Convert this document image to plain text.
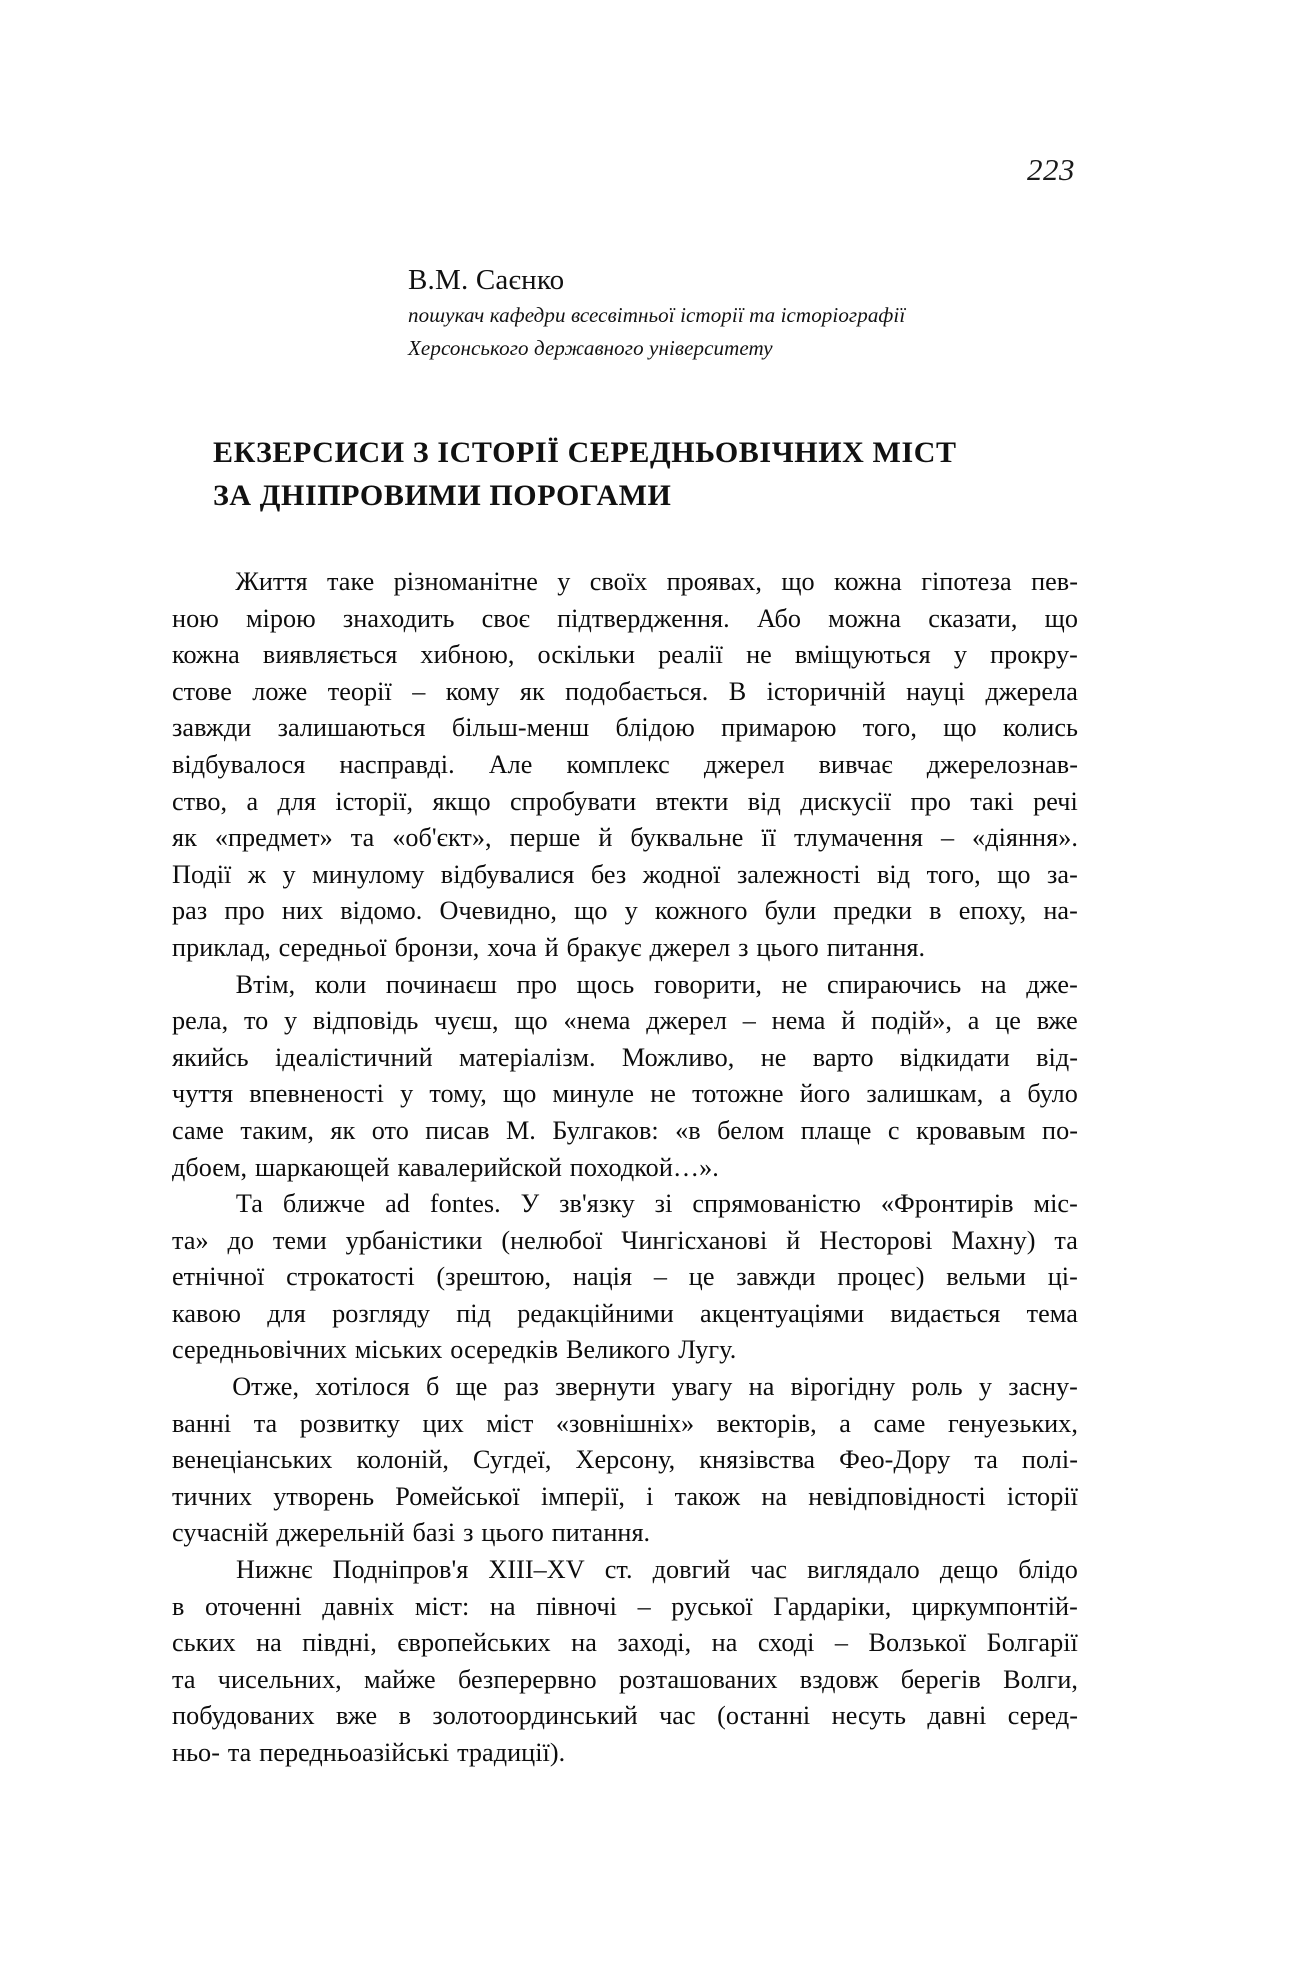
223
В.М. Саєнко
пошукач кафедри всесвітньої історії та історіографії
Херсонського державного університету
ЕКЗЕРСИСИ З ІСТОРІЇ СЕРЕДНЬОВІЧНИХ МІСТ
ЗА ДНІПРОВИМИ ПОРОГАМИ
Життя таке різноманітне у своїх проявах, що кожна гіпотеза пев-
ною мірою знаходить своє підтвердження. Або можна сказати, що
кожна виявляється хибною, оскільки реалії не вміщуються у прокру-
стове ложе теорії – кому як подобається. В історичній науці джерела
завжди залишаються більш-менш блідою примарою того, що колись
відбувалося насправді. Але комплекс джерел вивчає джерелознав-
ство, а для історії, якщо спробувати втекти від дискусії про такі речі
як «предмет» та «об'єкт», перше й буквальне її тлумачення – «діяння».
Події ж у минулому відбувалися без жодної залежності від того, що за-
раз про них відомо. Очевидно, що у кожного були предки в епоху, на-
приклад, середньої бронзи, хоча й бракує джерел з цього питання.
Втім, коли починаєш про щось говорити, не спираючись на дже-
рела, то у відповідь чуєш, що «нема джерел – нема й подій», а це вже
якийсь ідеалістичний матеріалізм. Можливо, не варто відкидати від-
чуття впевненості у тому, що минуле не тотожне його залишкам, а було
саме таким, як ото писав М. Булгаков: «в белом плаще с кровавым по-
дбоем, шаркающей кавалерийской походкой…».
Та ближче ad fontes. У зв'язку зі спрямованістю «Фронтирів міс-
та» до теми урбаністики (нелюбої Чингісханові й Несторові Махну) та
етнічної строкатості (зрештою, нація – це завжди процес) вельми ці-
кавою для розгляду під редакційними акцентуаціями видається тема
середньовічних міських осередків Великого Лугу.
Отже, хотілося б ще раз звернути увагу на вірогідну роль у засну-
ванні та розвитку цих міст «зовнішніх» векторів, а саме генуезьких,
венеціанських колоній, Сугдеї, Херсону, князівства Фео-Дору та полі-
тичних утворень Ромейської імперії, і також на невідповідності історії
сучасній джерельній базі з цього питання.
Нижнє Подніпров'я XIII–XV ст. довгий час виглядало дещо блідо
в оточенні давніх міст: на півночі – руської Гардаріки, циркумпонтій-
ських на півдні, європейських на заході, на сході – Волзької Болгарії
та чисельних, майже безперервно розташованих вздовж берегів Волги,
побудованих вже в золотоординський час (останні несуть давні серед-
ньо- та передньоазійські традиції).
